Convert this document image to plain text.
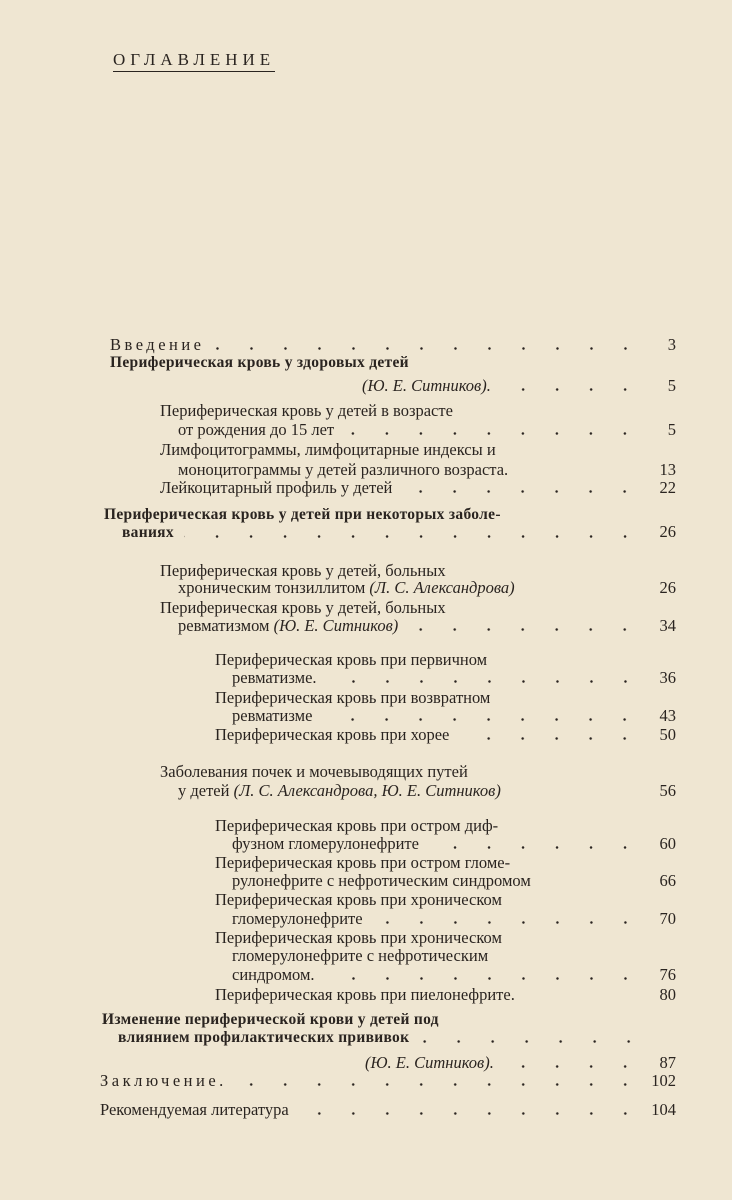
ОГЛАВЛЕНИЕ
Введение	3
Периферическая кровь у здоровых детей
(Ю. Е. Ситников).	5
Периферическая кровь у детей в возрасте
от рождения до 15 лет	5
Лимфоцитограммы, лимфоцитарные индексы и
моноцитограммы у детей различного возраста.	13
Лейкоцитарный профиль у детей	22
Периферическая кровь у детей при некоторых заболе-
ваниях	26
Периферическая кровь у детей, больных
хроническим тонзиллитом
(Л. С. Александрова)	26
Периферическая кровь у детей, больных
ревматизмом
(Ю. Е. Ситников)	34
Периферическая кровь при первичном
ревматизме.	36
Периферическая кровь при возвратном
ревматизме	43
Периферическая кровь при хорее	50
Заболевания почек и мочевыводящих путей
у детей
(Л. С. Александрова, Ю. Е. Ситников)	56
Периферическая кровь при остром диф-
фузном гломерулонефрите	60
Периферическая кровь при остром гломе-
рулонефрите с нефротическим синдромом	66
Периферическая кровь при хроническом
гломерулонефрите	70
Периферическая кровь при хроническом
гломерулонефрите с нефротическим
синдромом.	76
Периферическая кровь при пиелонефрите.	80
Изменение периферической крови у детей под
влиянием профилактических прививок
(Ю. Е. Ситников).	87
Заключение.	102
Рекомендуемая литература	104
